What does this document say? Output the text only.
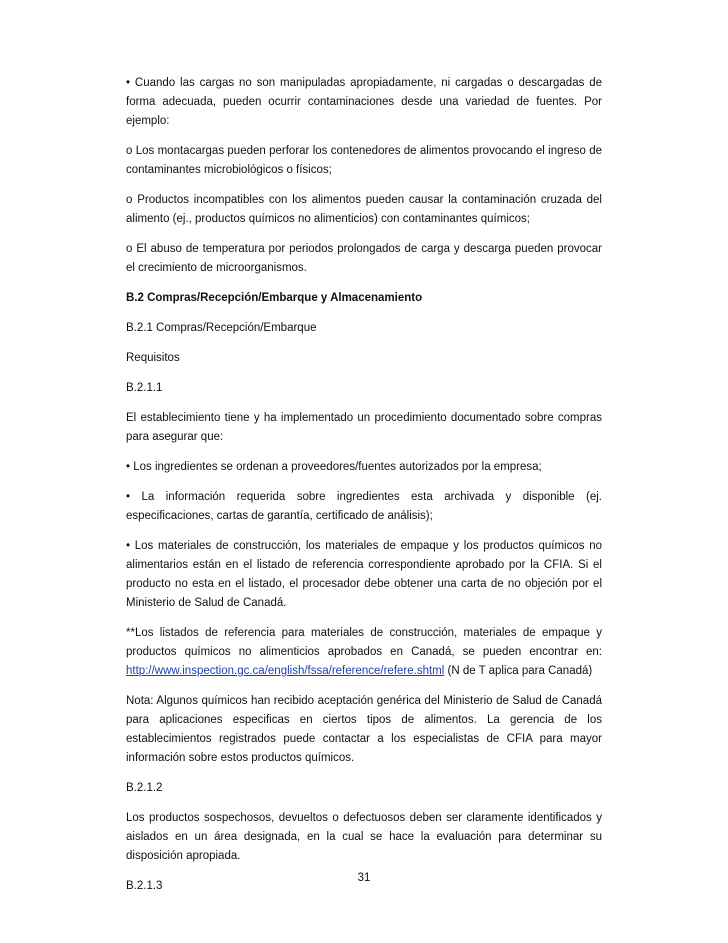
• Cuando las cargas no son manipuladas apropiadamente, ni cargadas o descargadas de forma adecuada, pueden ocurrir contaminaciones desde una variedad de fuentes. Por ejemplo:

o Los montacargas pueden perforar los contenedores de alimentos provocando el ingreso de contaminantes microbiológicos o físicos;

o Productos incompatibles con los alimentos pueden causar la contaminación cruzada del alimento (ej., productos químicos no alimenticios) con contaminantes químicos;

o El abuso de temperatura por periodos prolongados de carga y descarga pueden provocar el crecimiento de microorganismos.

B.2 Compras/Recepción/Embarque y Almacenamiento

B.2.1 Compras/Recepción/Embarque

Requisitos

B.2.1.1

El establecimiento tiene y ha implementado un procedimiento documentado sobre compras para asegurar que:

• Los ingredientes se ordenan a proveedores/fuentes autorizados por la empresa;

• La información requerida sobre ingredientes esta archivada y disponible (ej. especificaciones, cartas de garantía, certificado de análisis);

• Los materiales de construcción, los materiales de empaque y los productos químicos no alimentarios están en el listado de referencia correspondiente aprobado por la CFIA. Si el producto no esta en el listado, el procesador debe obtener una carta de no objeción por el Ministerio de Salud de Canadá.

**Los listados de referencia para materiales de construcción, materiales de empaque y productos químicos no alimenticios aprobados en Canadá, se pueden encontrar en: http://www.inspection.gc.ca/english/fssa/reference/refere.shtml (N de T aplica para Canadá)

Nota: Algunos químicos han recibido aceptación genérica del Ministerio de Salud de Canadá para aplicaciones especificas en ciertos tipos de alimentos. La gerencia de los establecimientos registrados puede contactar a los especialistas de CFIA para mayor información sobre estos productos químicos.

B.2.1.2

Los productos sospechosos, devueltos o defectuosos deben ser claramente identificados y aislados en un área designada, en la cual se hace la evaluación para determinar su disposición apropiada.

B.2.1.3

31
